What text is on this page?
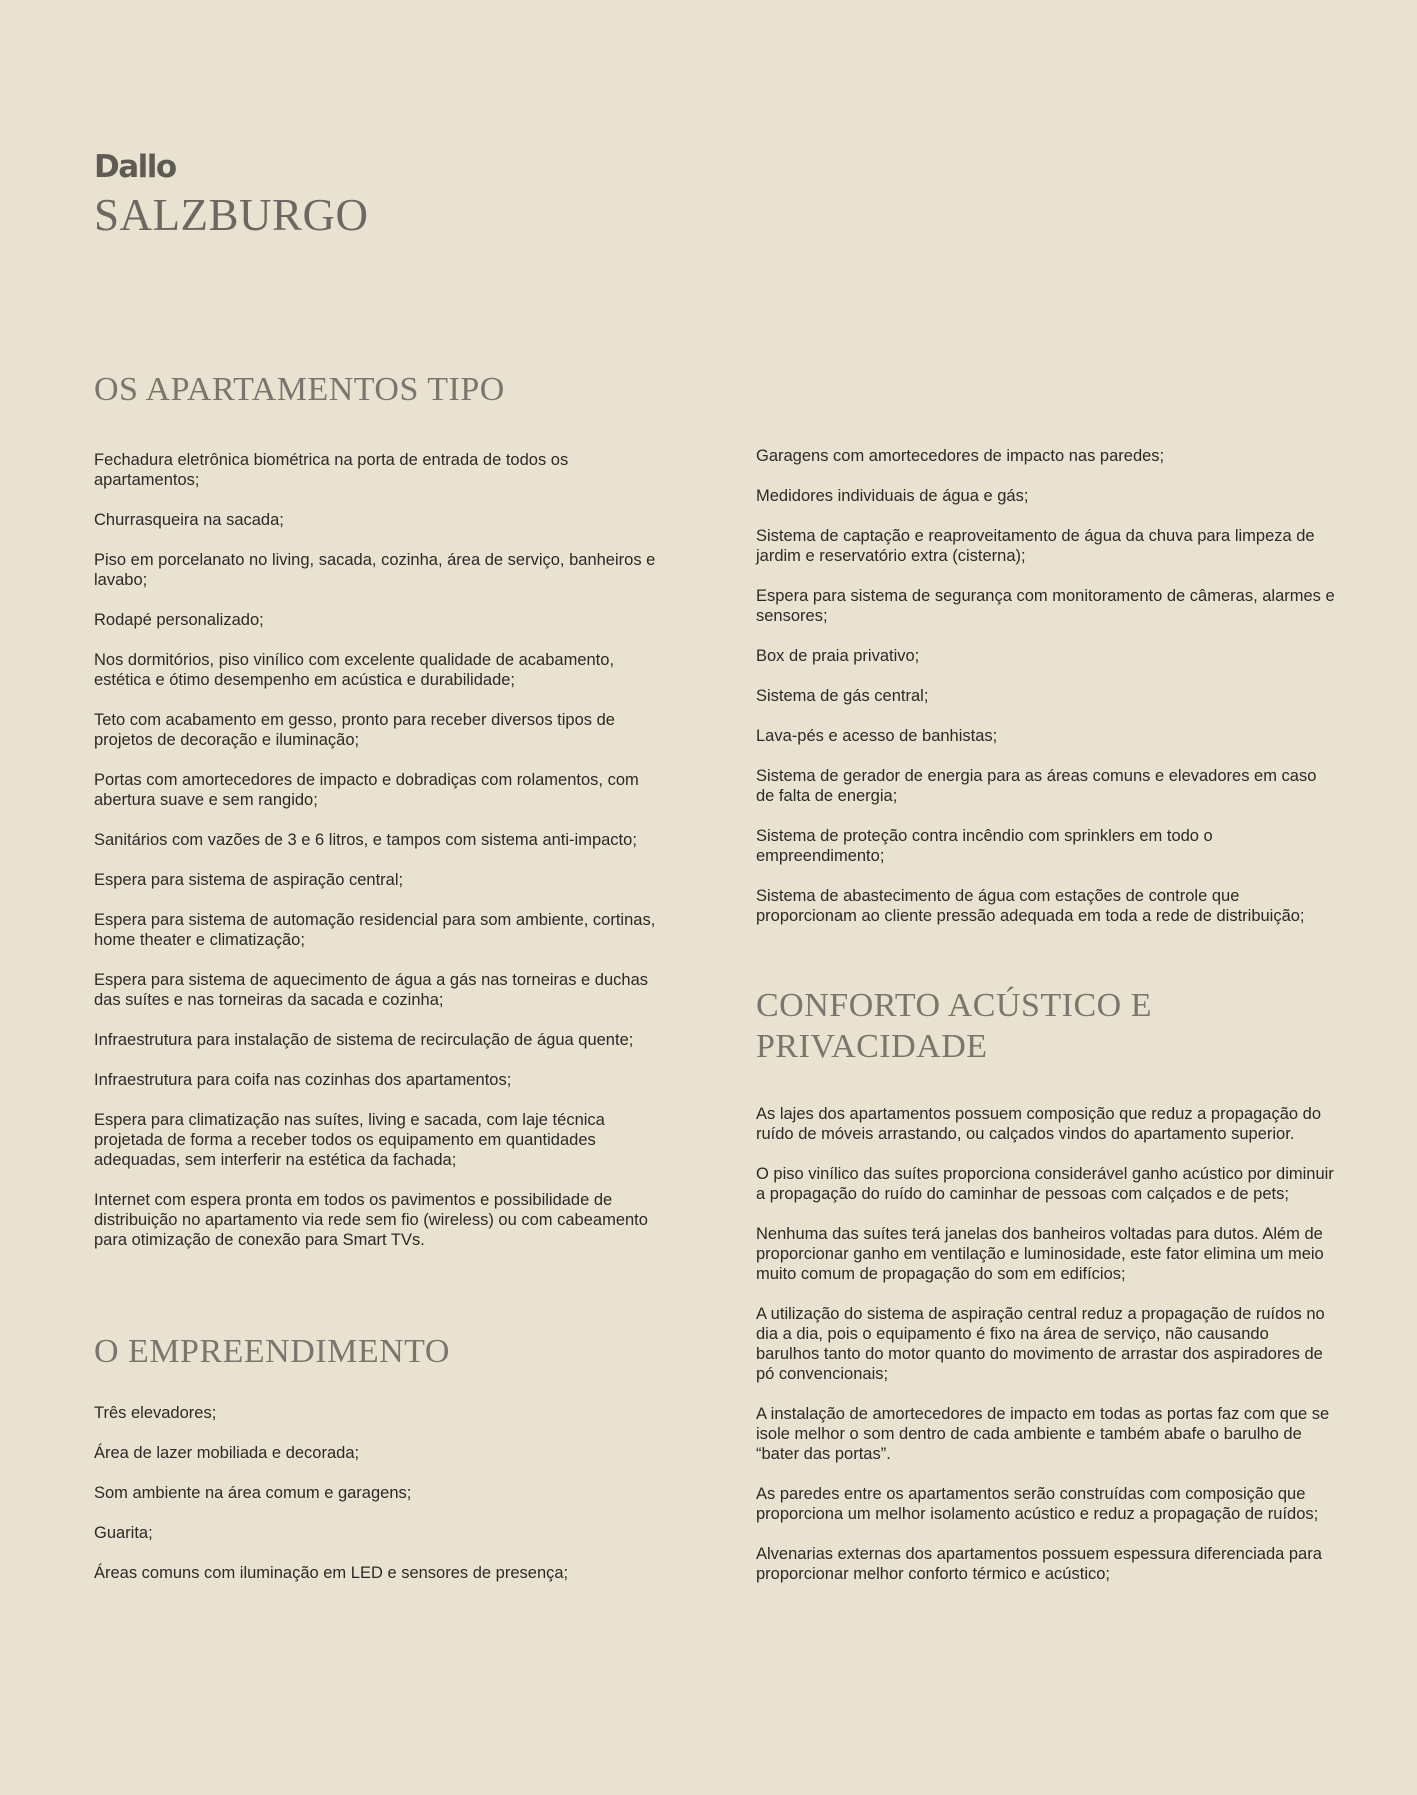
Dallo
SALZBURGO
OS APARTAMENTOS TIPO
Fechadura eletrônica biométrica na porta de entrada de todos os apartamentos;
Churrasqueira na sacada;
Piso em porcelanato no living, sacada, cozinha, área de serviço, banheiros e lavabo;
Rodapé personalizado;
Nos dormitórios, piso vinílico com excelente qualidade de acabamento, estética e ótimo desempenho em acústica e durabilidade;
Teto com acabamento em gesso, pronto para receber diversos tipos de projetos de decoração e iluminação;
Portas com amortecedores de impacto e dobradiças com rolamentos, com abertura suave e sem rangido;
Sanitários com vazões de 3 e 6 litros, e tampos com sistema anti-impacto;
Espera para sistema de aspiração central;
Espera para sistema de automação residencial para som ambiente, cortinas, home theater e climatização;
Espera para sistema de aquecimento de água a gás nas torneiras e duchas das suítes e nas torneiras da sacada e cozinha;
Infraestrutura para instalação de sistema de recirculação de água quente;
Infraestrutura para coifa nas cozinhas dos apartamentos;
Espera para climatização nas suítes, living e sacada, com laje técnica projetada de forma a receber todos os equipamento em quantidades adequadas, sem interferir na estética da fachada;
Internet com espera pronta em todos os pavimentos e possibilidade de distribuição no apartamento via rede sem fio (wireless) ou com cabeamento para otimização de conexão para Smart TVs.
O EMPREENDIMENTO
Três elevadores;
Área de lazer mobiliada e decorada;
Som ambiente na área comum e garagens;
Guarita;
Áreas comuns com iluminação em LED e sensores de presença;
Garagens com amortecedores de impacto nas paredes;
Medidores individuais de água e gás;
Sistema de captação e reaproveitamento de água da chuva para limpeza de jardim e reservatório extra (cisterna);
Espera para sistema de segurança com monitoramento de câmeras, alarmes e sensores;
Box de praia privativo;
Sistema de gás central;
Lava-pés e acesso de banhistas;
Sistema de gerador de energia para as áreas comuns e elevadores em caso de falta de energia;
Sistema de proteção contra incêndio com sprinklers em todo o empreendimento;
Sistema de abastecimento de água com estações de controle que proporcionam ao cliente pressão adequada em toda a rede de distribuição;
CONFORTO ACÚSTICO E PRIVACIDADE
As lajes dos apartamentos possuem composição que reduz a propagação do ruído de móveis arrastando, ou calçados vindos do apartamento superior.
O piso vinílico das suítes proporciona considerável ganho acústico por diminuir a propagação do ruído do caminhar de pessoas com calçados e de pets;
Nenhuma das suítes terá janelas dos banheiros voltadas para dutos. Além de proporcionar ganho em ventilação e luminosidade, este fator elimina um meio muito comum de propagação do som em edifícios;
A utilização do sistema de aspiração central reduz a propagação de ruídos no dia a dia, pois o equipamento é fixo na área de serviço, não causando barulhos tanto do motor quanto do movimento de arrastar dos aspiradores de pó convencionais;
A instalação de amortecedores de impacto em todas as portas faz com que se isole melhor o som dentro de cada ambiente e também abafe o barulho de “bater das portas”.
As paredes entre os apartamentos serão construídas com composição que proporciona um melhor isolamento acústico e reduz a propagação de ruídos;
Alvenarias externas dos apartamentos possuem espessura diferenciada para proporcionar melhor conforto térmico e acústico;
